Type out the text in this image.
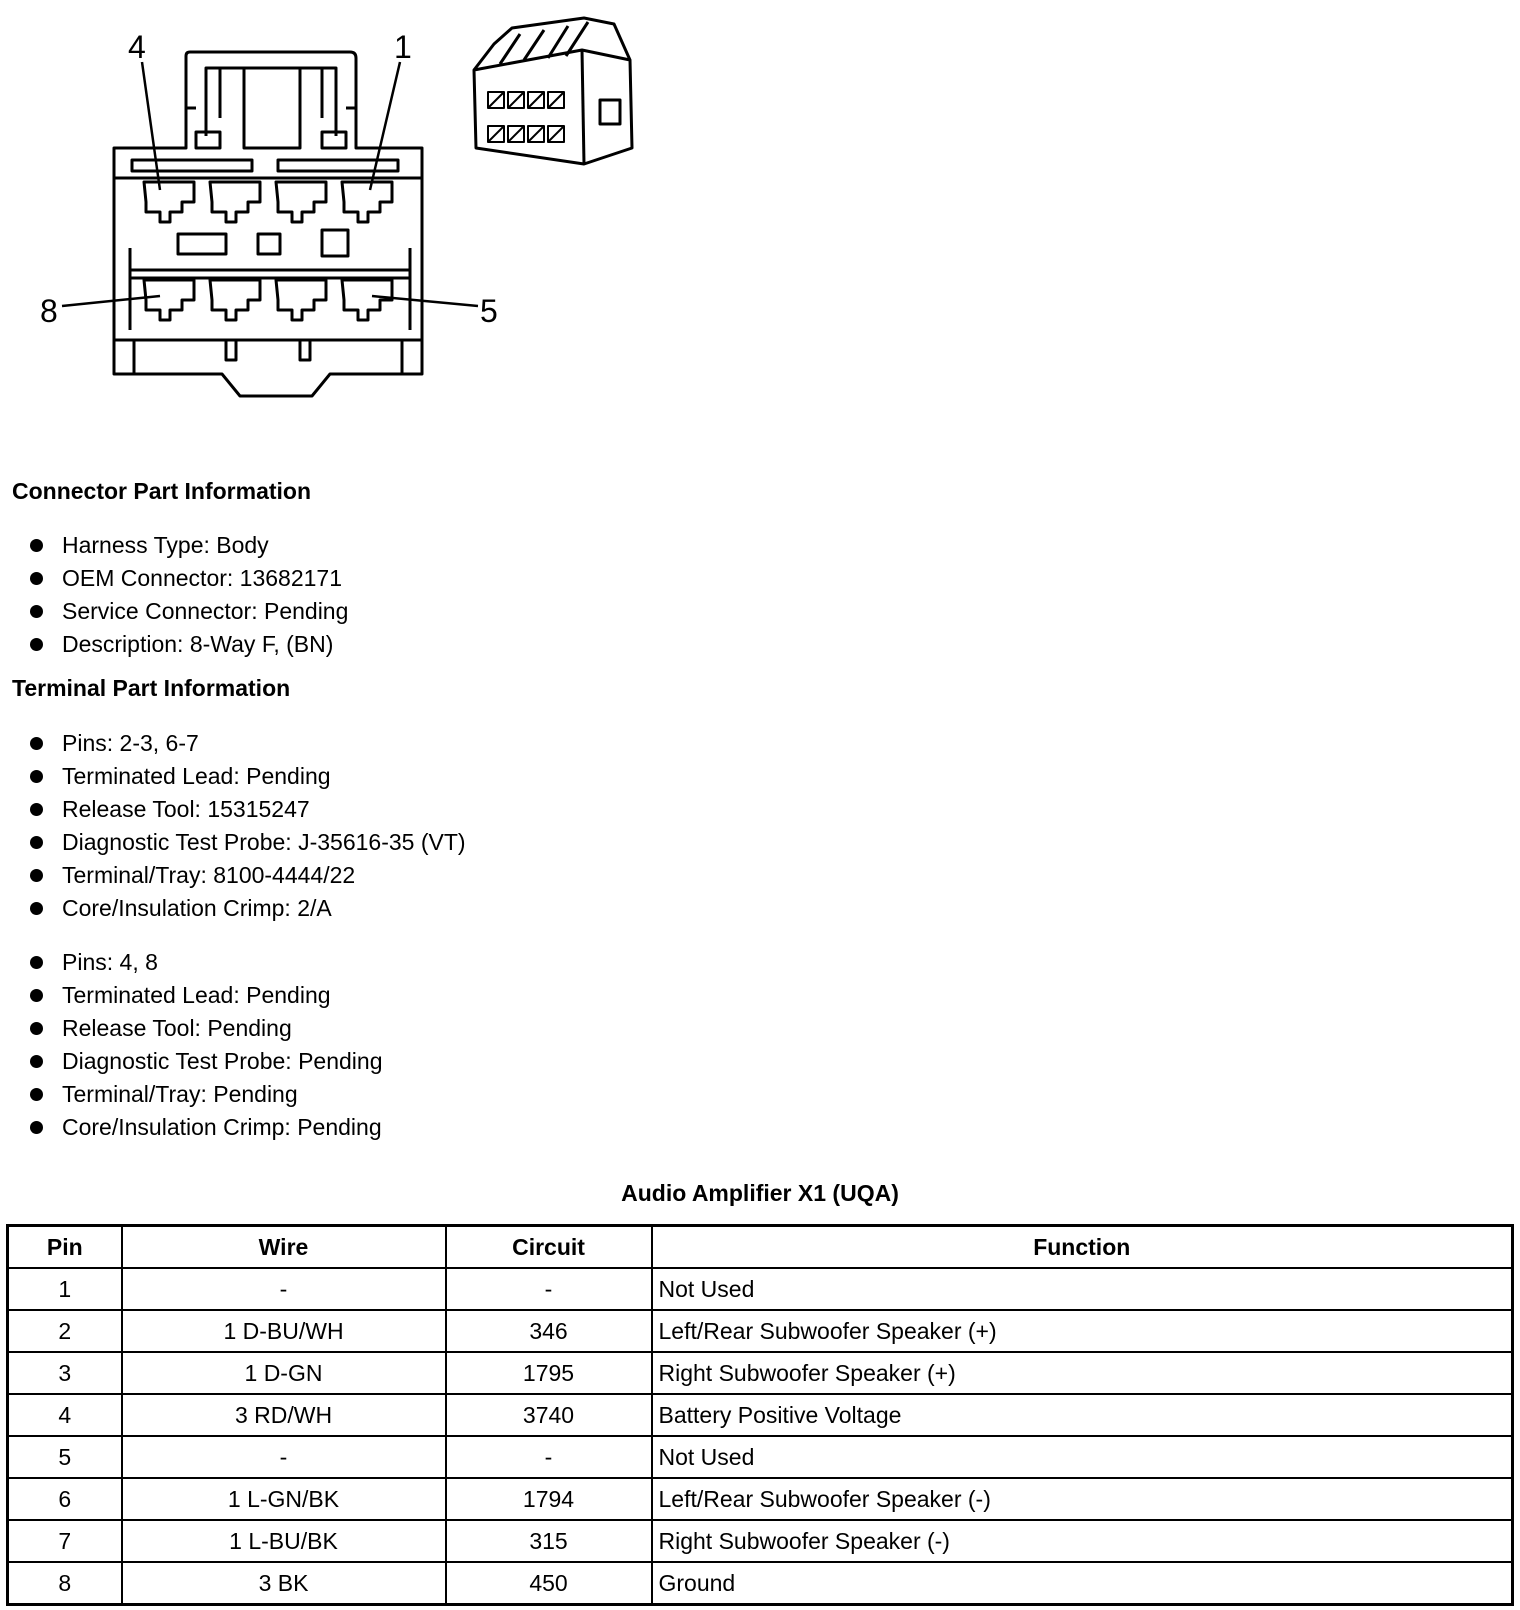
4	1
8	5
Connector Part Information
Harness Type: Body
OEM Connector: 13682171
Service Connector: Pending
Description: 8-Way F, (BN)
Terminal Part Information
Pins: 2-3, 6-7
Terminated Lead: Pending
Release Tool: 15315247
Diagnostic Test Probe: J-35616-35 (VT)
Terminal/Tray: 8100-4444/22
Core/Insulation Crimp: 2/A
Pins: 4, 8
Terminated Lead: Pending
Release Tool: Pending
Diagnostic Test Probe: Pending
Terminal/Tray: Pending
Core/Insulation Crimp: Pending
Audio Amplifier X1 (UQA)
Pin	Wire	Circuit	Function
1	-	-	Not Used
2	1 D-BU/WH	346	Left/Rear Subwoofer Speaker (+)
3	1 D-GN	1795	Right Subwoofer Speaker (+)
4	3 RD/WH	3740	Battery Positive Voltage
5	-	-	Not Used
6	1 L-GN/BK	1794	Left/Rear Subwoofer Speaker (-)
7	1 L-BU/BK	315	Right Subwoofer Speaker (-)
8	3 BK	450	Ground
